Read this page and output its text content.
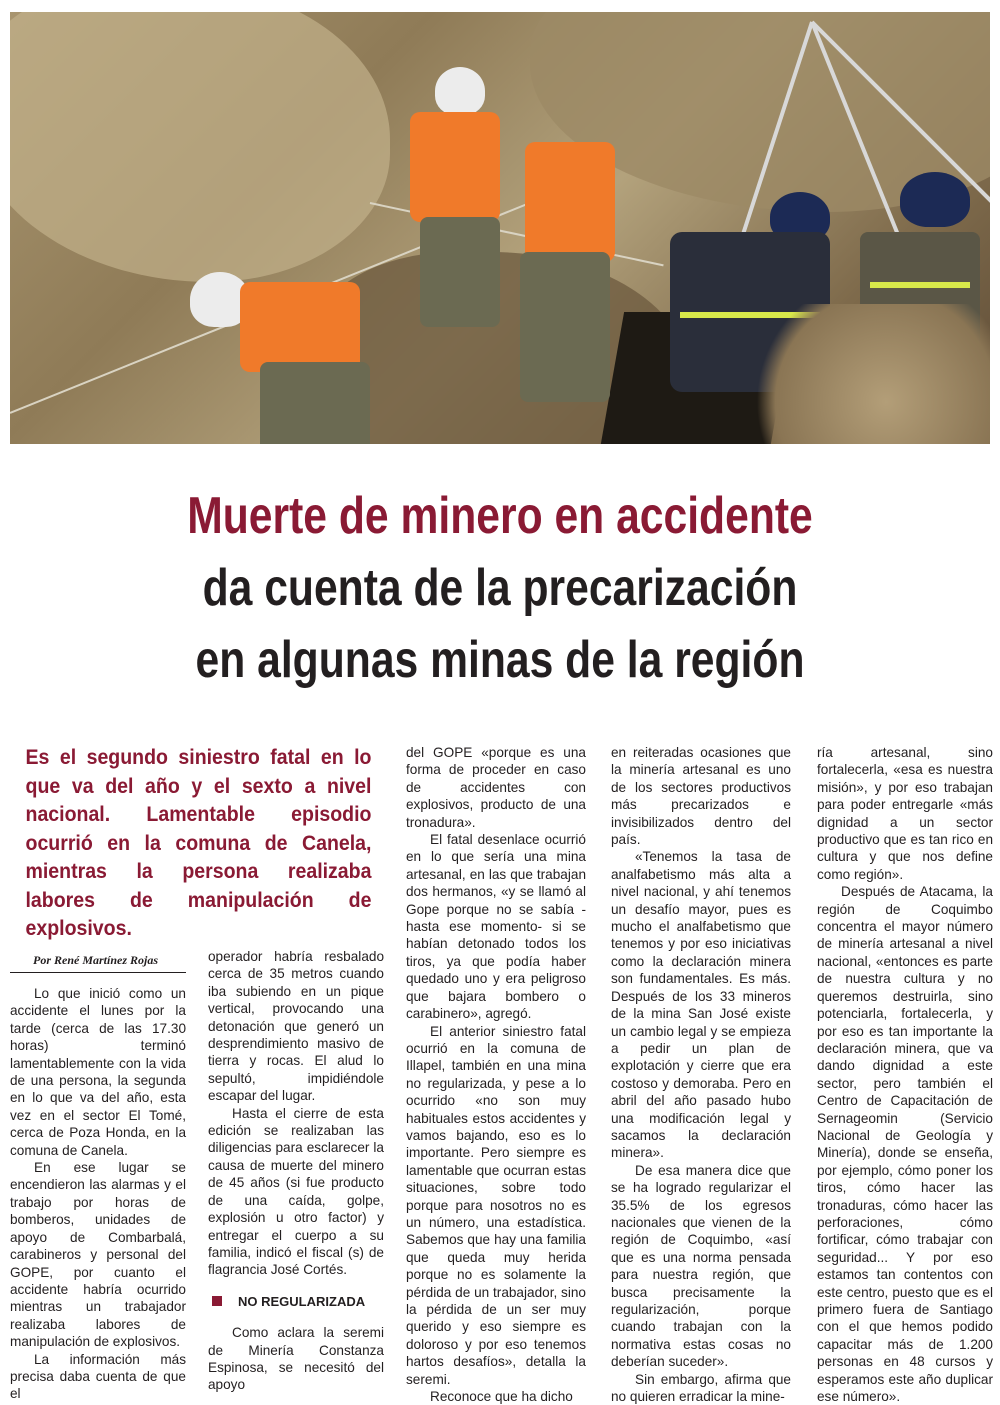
Muerte de minero en accidente
da cuenta de la precarización
en algunas minas de la región

Es el segundo siniestro fatal en lo que va del año y el sexto a nivel nacional. Lamentable episodio ocurrió en la comuna de Canela, mientras la persona realizaba labores de manipulación de explosivos.

Por René Martínez Rojas

Lo que inició como un accidente el lunes por la tarde (cerca de las 17.30 horas) terminó lamentablemente con la vida de una persona, la segunda en lo que va del año, esta vez en el sector El Tomé, cerca de Poza Honda, en la comuna de Canela.

En ese lugar se encendieron las alarmas y el trabajo por horas de bomberos, unidades de apoyo de Combarbalá, carabineros y personal del GOPE, por cuanto el accidente habría ocurrido mientras un trabajador realizaba labores de manipulación de explosivos.

La información más precisa daba cuenta de que el

operador habría resbalado cerca de 35 metros cuando iba subiendo en un pique vertical, provocando una detonación que generó un desprendimiento masivo de tierra y rocas. El alud lo sepultó, impidiéndole escapar del lugar.

Hasta el cierre de esta edición se realizaban las diligencias para esclarecer la causa de muerte del minero de 45 años (si fue producto de una caída, golpe, explosión u otro factor) y entregar el cuerpo a su familia, indicó el fiscal (s) de flagrancia José Cortés.

NO REGULARIZADA

Como aclara la seremi de Minería Constanza Espinosa, se necesitó del apoyo

del GOPE «porque es una forma de proceder en caso de accidentes con explosivos, producto de una tronadura».

El fatal desenlace ocurrió en lo que sería una mina artesanal, en las que trabajan dos hermanos, «y se llamó al Gope porque no se sabía -hasta ese momento- si se habían detonado todos los tiros, ya que podía haber quedado uno y era peligroso que bajara bombero o carabinero», agregó.

El anterior siniestro fatal ocurrió en la comuna de Illapel, también en una mina no regularizada, y pese a lo ocurrido «no son muy habituales estos accidentes y vamos bajando, eso es lo importante. Pero siempre es lamentable que ocurran estas situaciones, sobre todo porque para nosotros no es un número, una estadística. Sabemos que hay una familia que queda muy herida porque no es solamente la pérdida de un trabajador, sino la pérdida de un ser muy querido y eso siempre es doloroso y por eso tenemos hartos desafíos», detalla la seremi.

Reconoce que ha dicho

en reiteradas ocasiones que la minería artesanal es uno de los sectores productivos más precarizados e invisibilizados dentro del país.

«Tenemos la tasa de analfabetismo más alta a nivel nacional, y ahí tenemos un desafío mayor, pues es mucho el analfabetismo que tenemos y por eso iniciativas como la declaración minera son fundamentales. Es más. Después de los 33 mineros de la mina San José existe un cambio legal y se empieza a pedir un plan de explotación y cierre que era costoso y demoraba. Pero en abril del año pasado hubo una modificación legal y sacamos la declaración minera».

De esa manera dice que se ha logrado regularizar el 35.5% de los egresos nacionales que vienen de la región de Coquimbo, «así que es una norma pensada para nuestra región, que busca precisamente la regularización, porque cuando trabajan con la normativa estas cosas no deberían suceder».

Sin embargo, afirma que no quieren erradicar la mine-

ría artesanal, sino fortalecerla, «esa es nuestra misión», y por eso trabajan para poder entregarle «más dignidad a un sector productivo que es tan rico en cultura y que nos define como región».

Después de Atacama, la región de Coquimbo concentra el mayor número de minería artesanal a nivel nacional, «entonces es parte de nuestra cultura y no queremos destruirla, sino potenciarla, fortalecerla, y por eso es tan importante la declaración minera, que va dando dignidad a este sector, pero también el Centro de Capacitación de Sernageomin (Servicio Nacional de Geología y Minería), donde se enseña, por ejemplo, cómo poner los tiros, cómo hacer las tronaduras, cómo hacer las perforaciones, cómo fortificar, cómo trabajar con seguridad... Y por eso estamos tan contentos con este centro, puesto que es el primero fuera de Santiago con el que hemos podido capacitar más de 1.200 personas en 48 cursos y esperamos este año duplicar ese número».
